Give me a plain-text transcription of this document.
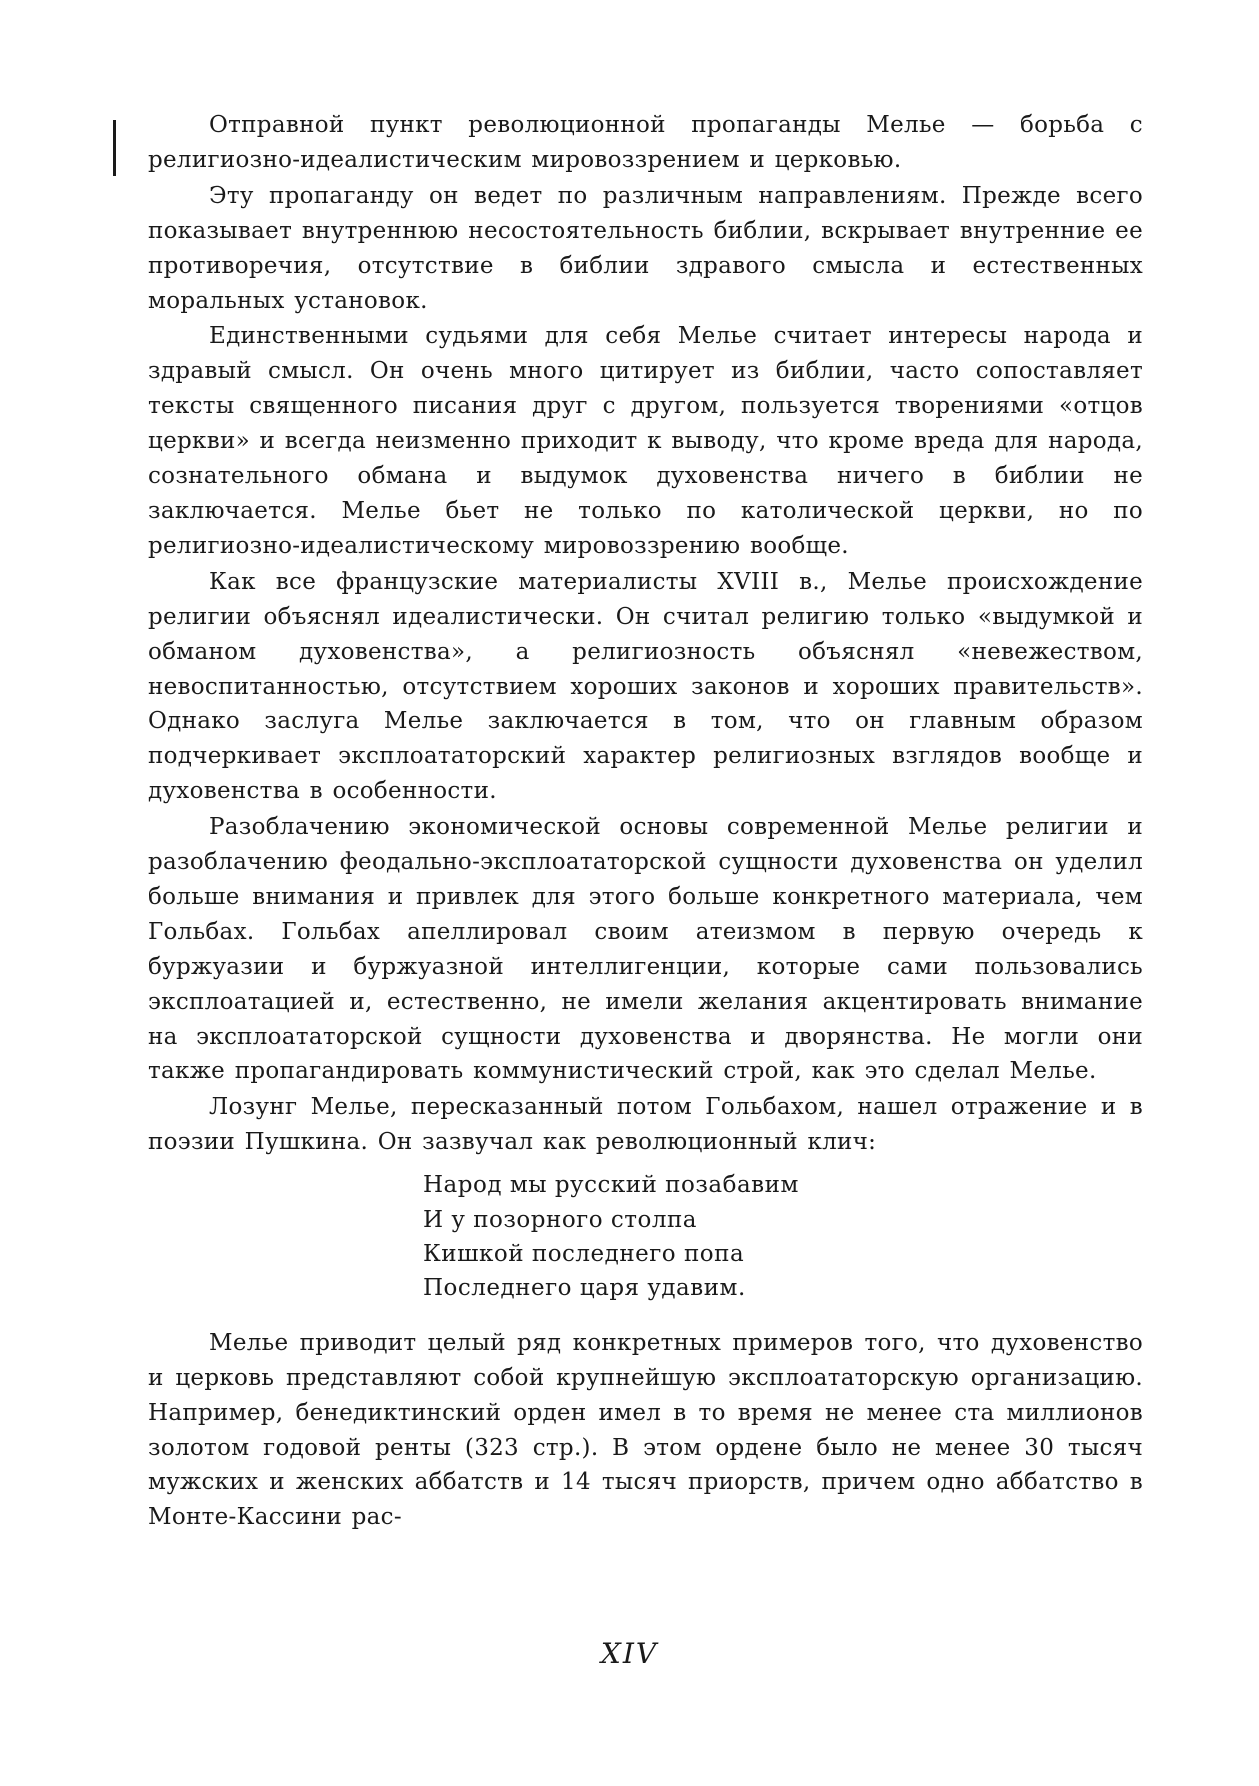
Отправной пункт революционной пропаганды Мелье — борьба с религиозно-идеалистическим мировоззрением и церковью.

Эту пропаганду он ведет по различным направлениям. Прежде всего показывает внутреннюю несостоятельность библии, вскрывает внутренние ее противоречия, отсутствие в библии здравого смысла и естественных моральных установок.

Единственными судьями для себя Мелье считает интересы народа и здравый смысл. Он очень много цитирует из библии, часто сопоставляет тексты священного писания друг с другом, пользуется творениями «отцов церкви» и всегда неизменно приходит к выводу, что кроме вреда для народа, сознательного обмана и выдумок духовенства ничего в библии не заключается. Мелье бьет не только по католической церкви, но по религиозно-идеалистическому мировоззрению вообще.

Как все французские материалисты XVIII в., Мелье происхождение религии объяснял идеалистически. Он считал религию только «выдумкой и обманом духовенства», а религиозность объяснял «невежеством, невоспитанностью, отсутствием хороших законов и хороших правительств». Однако заслуга Мелье заключается в том, что он главным образом подчеркивает эксплоататорский характер религиозных взглядов вообще и духовенства в особенности.

Разоблачению экономической основы современной Мелье религии и разоблачению феодально-эксплоататорской сущности духовенства он уделил больше внимания и привлек для этого больше конкретного материала, чем Гольбах. Гольбах апеллировал своим атеизмом в первую очередь к буржуазии и буржуазной интеллигенции, которые сами пользовались эксплоатацией и, естественно, не имели желания акцентировать внимание на эксплоататорской сущности духовенства и дворянства. Не могли они также пропагандировать коммунистический строй, как это сделал Мелье.

Лозунг Мелье, пересказанный потом Гольбахом, нашел отражение и в поэзии Пушкина. Он зазвучал как революционный клич:

Народ мы русский позабавим
И у позорного столпа
Кишкой последнего попа
Последнего царя удавим.

Мелье приводит целый ряд конкретных примеров того, что духовенство и церковь представляют собой крупнейшую эксплоататорскую организацию. Например, бенедиктинский орден имел в то время не менее ста миллионов золотом годовой ренты (323 стр.). В этом ордене было не менее 30 тысяч мужских и женских аббатств и 14 тысяч приорств, причем одно аббатство в Монте-Кассини рас-

XIV
